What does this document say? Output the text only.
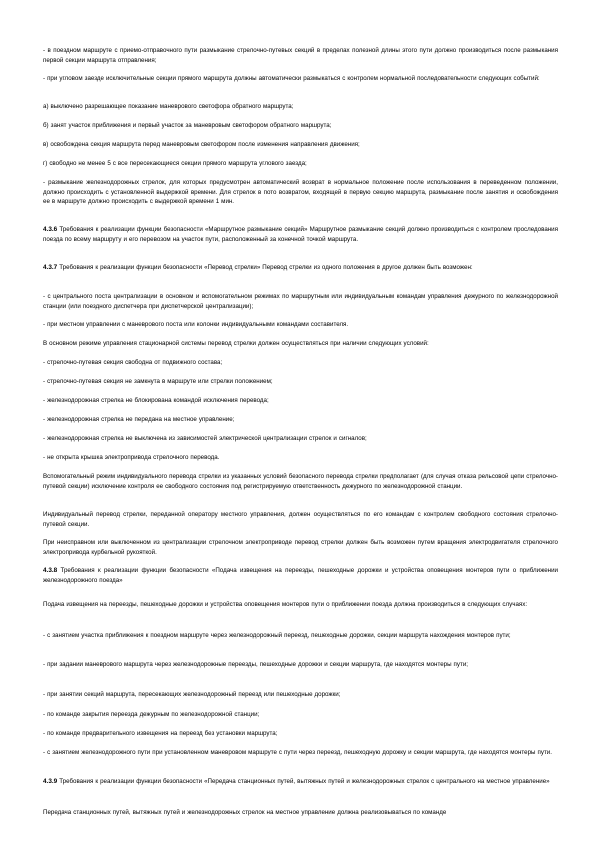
- в поездном маршруте с приемо-отправочного пути размыкание стрелочно-путевых секций в пределах полезной длины этого пути должно производиться после размыкания первой секции маршрута отправления;

- при угловом заезде исключительные секции прямого маршрута должны автоматически размыкаться с контролем нормальной последовательности следующих событий:

а) выключено разрешающее показание маневрового светофора обратного маршрута;

б) занят участок приближения и первый участок за маневровым светофором обратного маршрута;

в) освобождена секция маршрута перед маневровым светофором после изменения направления движения;

г) свободно не менее 5 с все пересекающиеся секции прямого маршрута углового заезда;

- размыкание железнодорожных стрелок, для которых предусмотрен автоматический возврат в нормальное положение после использования в переведенном положении, должно происходить с установленной выдержкой времени. Для стрелок в пото возвратом, входящей в первую секцию маршрута, размыкание после занятия и освобождения ее в маршруте должно происходить с выдержкой времени 1 мин.

4.3.6 Требования к реализации функции безопасности «Маршрутное размыкание секций» Маршрутное размыкание секций должно производиться с контролем проследования поезда по всему маршруту и его перевозом на участок пути, расположенный за конечной точкой маршрута.

4.3.7 Требования к реализации функции безопасности «Перевод стрелки» Перевод стрелки из одного положения в другое должен быть возможен:

- с центрального поста централизации в основном и вспомогательном режимах по маршрутным или индивидуальным командам управления дежурного по железнодорожной станции (или поездного диспетчера при диспетчерской централизации);

- при местном управлении с маневрового поста или колонки индивидуальными командами составителя.

В основном режиме управления стационарной системы перевод стрелки должен осуществляться при наличии следующих условий:

- стрелочно-путевая секция свободна от подвижного состава;

- стрелочно-путевая секция не замкнута в маршруте или стрелки положением;

- железнодорожная стрелка не блокирована командой исключения перевода;

- железнодорожная стрелка не передана на местное управление;

- железнодорожная стрелка не выключена из зависимостей электрической централизации стрелок и сигналов;

- не открыта крышка электропривода стрелочного перевода.

Вспомогательный режим индивидуального перевода стрелки из указанных условий безопасного перевода стрелки предполагает (для случая отказа рельсовой цепи стрелочно-путевой секции) исключение контроля ее свободного состояния под регистрируемую ответственность дежурного по железнодорожной станции.

Индивидуальный перевод стрелки, переданной оператору местного управления, должен осуществляться по его командам с контролем свободного состояния стрелочно-путевой секции.

При неисправном или выключенном из централизации стрелочном электроприводе перевод стрелки должен быть возможен путем вращения электродвигателя стрелочного электропривода курбельной рукояткой.

4.3.8 Требования к реализации функции безопасности «Подача извещения на переезды, пешеходные дорожки и устройства оповещения монтеров пути о приближении железнодорожного поезда»

Подача извещения на переезды, пешеходные дорожки и устройства оповещения монтеров пути о приближении поезда должна производиться в следующих случаях:

- с занятием участка приближения к поездном маршруте через железнодорожный переезд, пешеходные дорожки, секции маршрута нахождения монтеров пути;

- при задании маневрового маршрута через железнодорожные переезды, пешеходные дорожки и секции маршрута, где находятся монтеры пути;

- при занятии секций маршрута, пересекающих железнодорожный переезд или пешеходные дорожки;

- по команде закрытия переезда дежурным по железнодорожной станции;

- по команде предварительного извещения на переезд без установки маршрута;

- с занятием железнодорожного пути при установленном маневровом маршруте с пути через переезд, пешеходную дорожку и секции маршрута, где находятся монтеры пути.

4.3.9 Требования к реализации функции безопасности «Передача станционных путей, вытяжных путей и железнодорожных стрелок с центрального на местное управление»

Передача станционных путей, вытяжных путей и железнодорожных стрелок на местное управление должна реализовываться по команде
